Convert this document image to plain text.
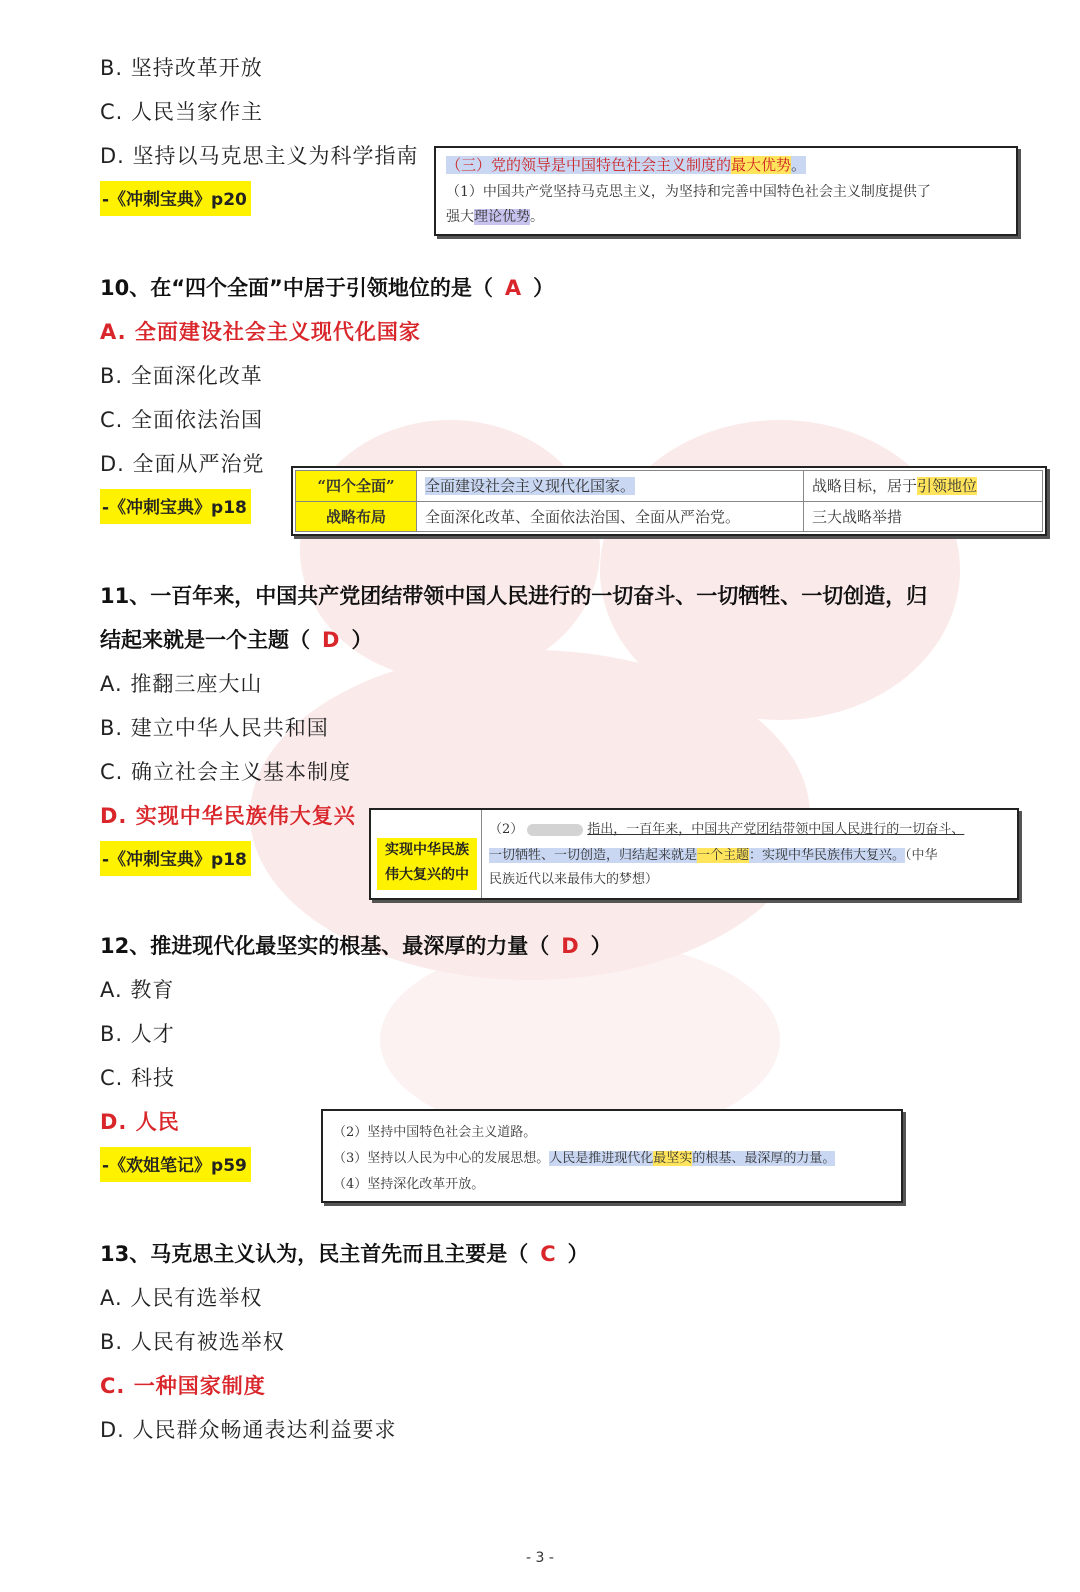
B. 坚持改革开放
C. 人民当家作主
D. 坚持以马克思主义为科学指南
-《冲刺宝典》p20
（三）党的领导是中国特色社会主义制度的最大优势。
（1）中国共产党坚持马克思主义，为坚持和完善中国特色社会主义制度提供了
强大理论优势。
10、在“四个全面”中居于引领地位的是（ A ）
A. 全面建设社会主义现代化国家
B. 全面深化改革
C. 全面依法治国
D. 全面从严治党
-《冲刺宝典》p18
“四个全面”	全面建设社会主义现代化国家。	战略目标，居于引领地位
战略布局	全面深化改革、全面依法治国、全面从严治党。	三大战略举措
11、一百年来，中国共产党团结带领中国人民进行的一切奋斗、一切牺牲、一切创造，归
结起来就是一个主题（ D ）
A. 推翻三座大山
B. 建立中华人民共和国
C. 确立社会主义基本制度
D. 实现中华民族伟大复兴
-《冲刺宝典》p18	实现中华民族
伟大复兴的中
（2）	指出，一百年来，中国共产党团结带领中国人民进行的一切奋斗、
一切牺牲、一切创造，归结起来就是一个主题：实现中华民族伟大复兴。（中华
民族近代以来最伟大的梦想）
12、推进现代化最坚实的根基、最深厚的力量（ D ）
A. 教育
B. 人才
C. 科技
D. 人民
-《欢姐笔记》p59
（2）坚持中国特色社会主义道路。
（3）坚持以人民为中心的发展思想。人民是推进现代化最坚实的根基、最深厚的力量。
（4）坚持深化改革开放。
13、马克思主义认为，民主首先而且主要是（ C ）
A. 人民有选举权
B. 人民有被选举权
C. 一种国家制度
D. 人民群众畅通表达利益要求
- 3 -
